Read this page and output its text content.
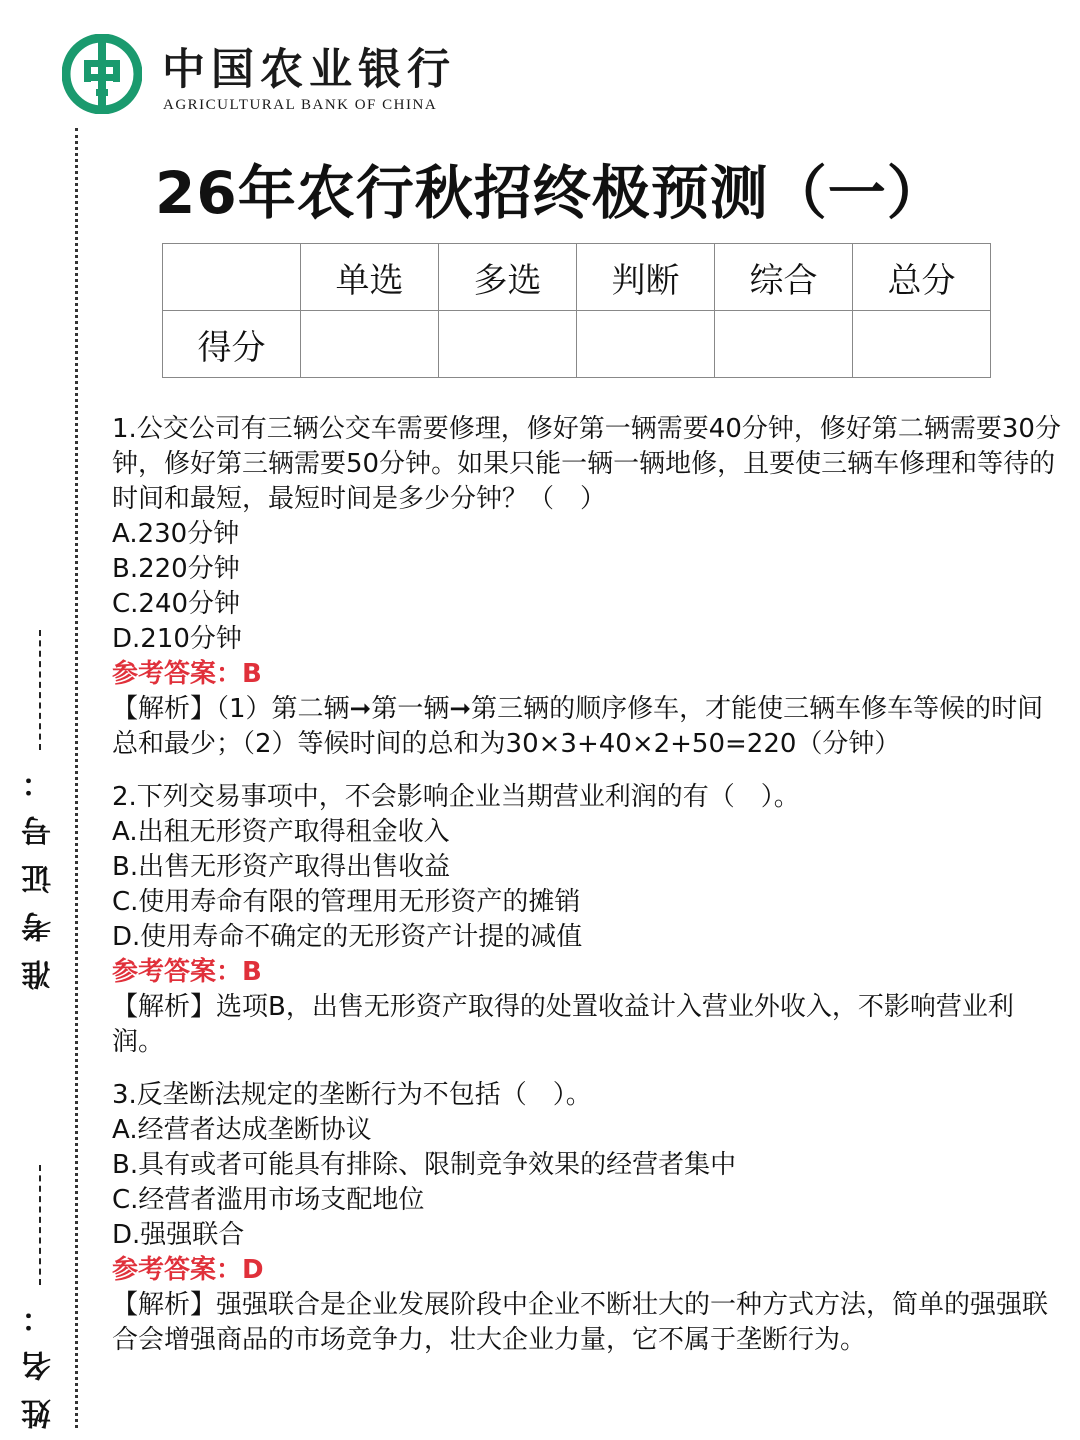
中国农业银行
AGRICULTURAL BANK OF CHINA
准考证号：
姓名：
26年农行秋招终极预测（一）
	单选	多选	判断	综合	总分
得分					

1.公交公司有三辆公交车需要修理，修好第一辆需要40分钟，修好第二辆需要30分钟，修好第三辆需要50分钟。如果只能一辆一辆地修，且要使三辆车修理和等待的时间和最短，最短时间是多少分钟？（　）

A.230分钟

B.220分钟

C.240分钟

D.210分钟

参考答案：B

【解析】（1）第二辆➞第一辆➞第三辆的顺序修车，才能使三辆车修车等候的时间总和最少；（2）等候时间的总和为30×3+40×2+50=220（分钟）

2.下列交易事项中，不会影响企业当期营业利润的有（　）。

A.出租无形资产取得租金收入

B.出售无形资产取得出售收益

C.使用寿命有限的管理用无形资产的摊销

D.使用寿命不确定的无形资产计提的减值

参考答案：B

【解析】选项B，出售无形资产取得的处置收益计入营业外收入，不影响营业利润。

3.反垄断法规定的垄断行为不包括（　）。

A.经营者达成垄断协议

B.具有或者可能具有排除、限制竞争效果的经营者集中

C.经营者滥用市场支配地位

D.强强联合

参考答案：D

【解析】强强联合是企业发展阶段中企业不断壮大的一种方式方法，简单的强强联合会增强商品的市场竞争力，壮大企业力量，它不属于垄断行为。
